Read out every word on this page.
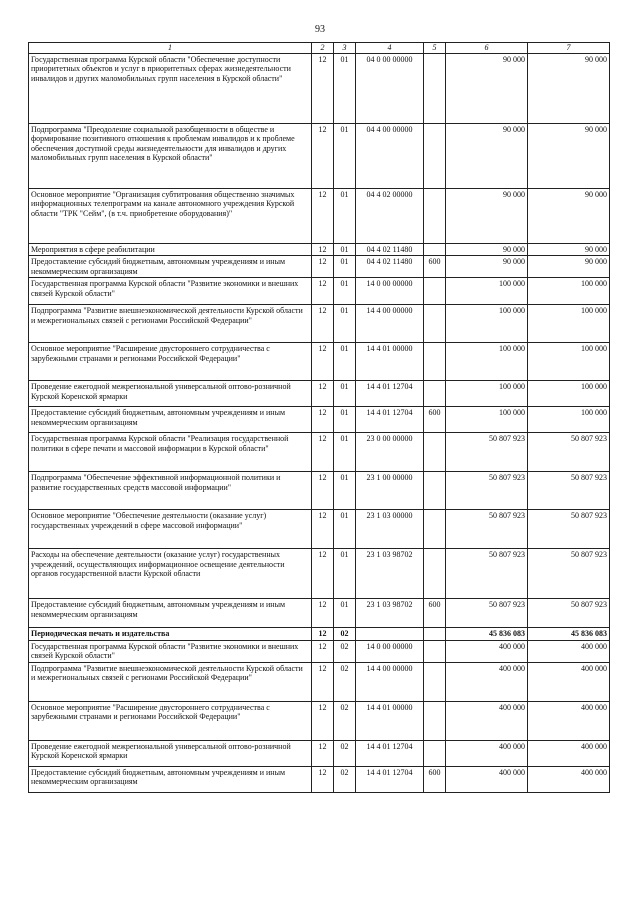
93
1	2	3	4	5	6	7
Государственная программа Курской области "Обеспечение доступности приоритетных объектов и услуг в приоритетных сферах жизнедеятельности инвалидов и других маломобильных групп населения в Курской области"	12	01	04 0 00 00000		90 000	90 000
Подпрограмма "Преодоление социальной разобщенности в обществе и формирование позитивного отношения к проблемам инвалидов и к проблеме обеспечения доступной среды жизнедеятельности для инвалидов и других маломобильных групп населения в Курской области"	12	01	04 4 00 00000		90 000	90 000
Основное мероприятие "Организация субтитрования общественно значимых информационных телепрограмм на канале автономного учреждения Курской области "ТРК "Сейм", (в т.ч. приобретение оборудования)"	12	01	04 4 02 00000		90 000	90 000
Мероприятия в сфере реабилитации	12	01	04 4 02 11480		90 000	90 000
Предоставление субсидий бюджетным, автономным учреждениям и иным некоммерческим организациям	12	01	04 4 02 11480	600	90 000	90 000
Государственная программа Курской области "Развитие экономики и внешних связей Курской области"	12	01	14 0 00 00000		100 000	100 000
Подпрограмма "Развитие внешнеэкономической деятельности Курской области и межрегиональных связей с регионами Российской Федерации"	12	01	14 4 00 00000		100 000	100 000
Основное мероприятие "Расширение двустороннего сотрудничества с зарубежными странами и регионами Российской Федерации"	12	01	14 4 01 00000		100 000	100 000
Проведение ежегодной межрегиональной универсальной оптово-розничной Курской Коренской ярмарки	12	01	14 4 01 12704		100 000	100 000
Предоставление субсидий бюджетным, автономным учреждениям и иным некоммерческим организациям	12	01	14 4 01 12704	600	100 000	100 000
Государственная программа Курской области "Реализация государственной политики в сфере печати и массовой информации в Курской области"	12	01	23 0 00 00000		50 807 923	50 807 923
Подпрограмма "Обеспечение эффективной информационной политики и развитие государственных средств массовой информации"	12	01	23 1 00 00000		50 807 923	50 807 923
Основное мероприятие "Обеспечение деятельности (оказание услуг) государственных учреждений в сфере массовой информации"	12	01	23 1 03 00000		50 807 923	50 807 923
Расходы на обеспечение деятельности (оказание услуг) государственных учреждений, осуществляющих информационное освещение деятельности органов государственной власти Курской области	12	01	23 1 03 98702		50 807 923	50 807 923
Предоставление субсидий бюджетным, автономным учреждениям и иным некоммерческим организациям	12	01	23 1 03 98702	600	50 807 923	50 807 923
Периодическая печать и издательства	12	02			45 836 083	45 836 083
Государственная программа Курской области "Развитие экономики и внешних связей Курской области"	12	02	14 0 00 00000		400 000	400 000
Подпрограмма "Развитие внешнеэкономической деятельности Курской области и межрегиональных связей с регионами Российской Федерации"	12	02	14 4 00 00000		400 000	400 000
Основное мероприятие "Расширение двустороннего сотрудничества с зарубежными странами и регионами Российской Федерации"	12	02	14 4 01 00000		400 000	400 000
Проведение ежегодной межрегиональной универсальной оптово-розничной Курской Коренской ярмарки	12	02	14 4 01 12704		400 000	400 000
Предоставление субсидий бюджетным, автономным учреждениям и иным некоммерческим организациям	12	02	14 4 01 12704	600	400 000	400 000
